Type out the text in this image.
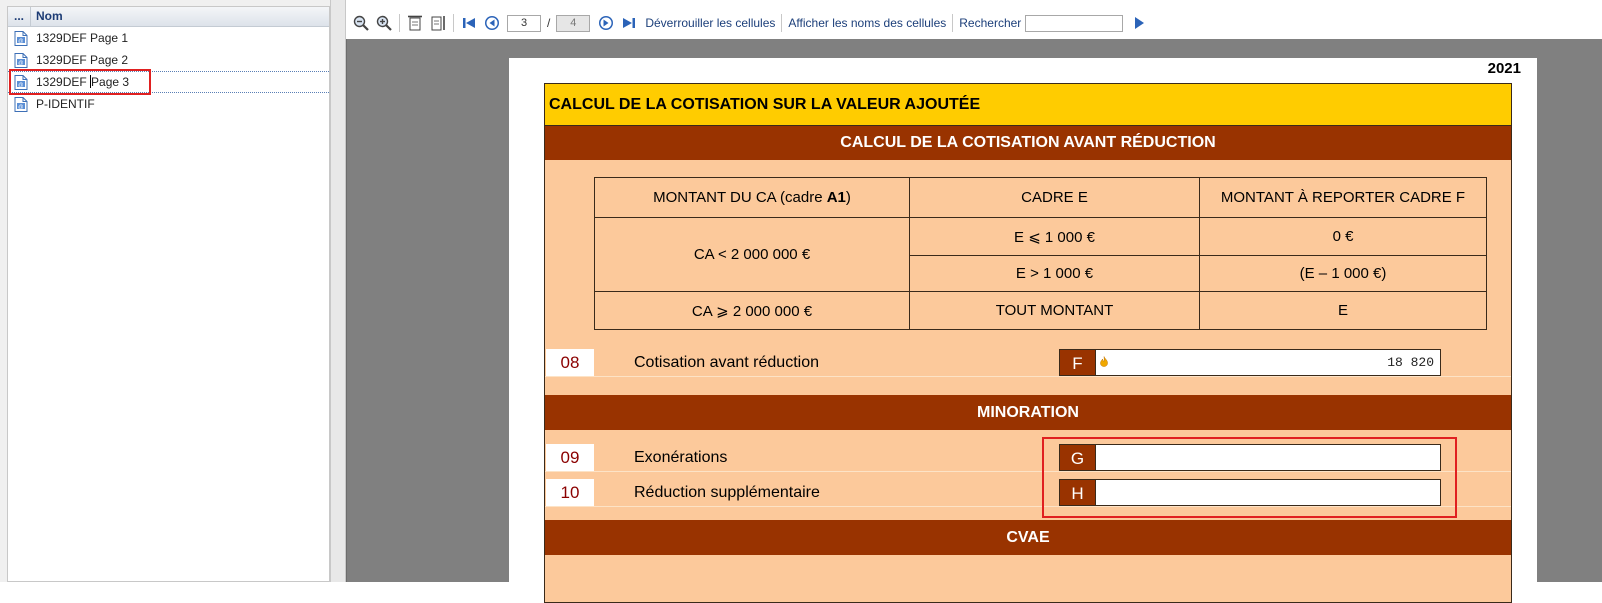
...	Nom
@ 1329DEF Page 1
@ 1329DEF Page 2
@ 1329DEF Page 3
@ P-IDENTIF
3
/
4	Déverrouiller les cellules Afficher les noms des cellules Rechercher
2021
CALCUL DE LA COTISATION SUR LA VALEUR AJOUTÉE
CALCUL DE LA COTISATION AVANT RÉDUCTION
MONTANT DU CA (cadre A1)	CADRE E	MONTANT À REPORTER CADRE F
CA < 2 000 000 €	E ⩽ 1 000 €	0 €
	E > 1 000 €	(E – 1 000 €)
CA ⩾ 2 000 000 €	TOUT MONTANT	E
08	Cotisation avant réduction	F	18 820
MINORATION
09	Exonérations	G
10	Réduction supplémentaire	H
CVAE
